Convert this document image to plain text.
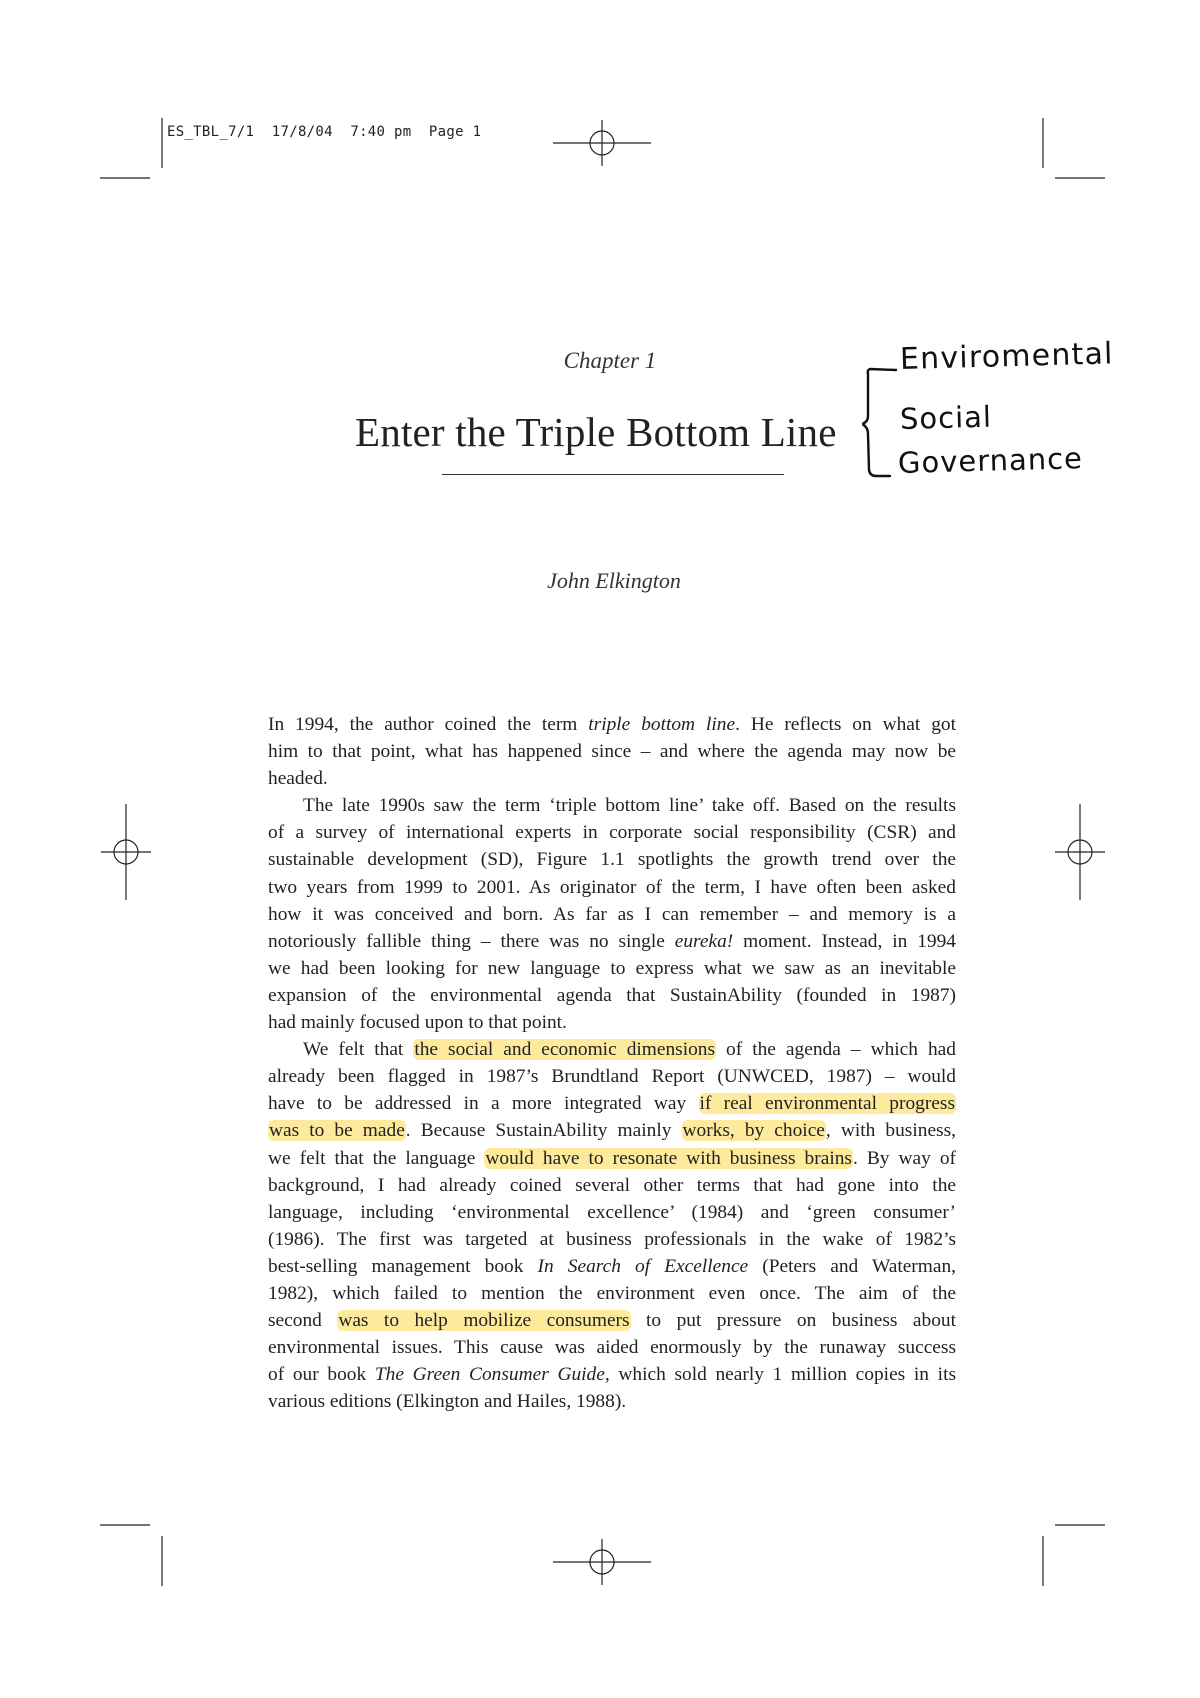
ES_TBL_7/1 17/8/04 7:40 pm Page 1
Chapter 1
Enter the Triple Bottom Line
John Elkington
Enviromental
Social
Governance
In 1994, the author coined the term triple bottom line. He reflects on what got
him to that point, what has happened since – and where the agenda may now be
headed.
The late 1990s saw the term ‘triple bottom line’ take off. Based on the results
of a survey of international experts in corporate social responsibility (CSR) and
sustainable development (SD), Figure 1.1 spotlights the growth trend over the
two years from 1999 to 2001. As originator of the term, I have often been asked
how it was conceived and born. As far as I can remember – and memory is a
notoriously fallible thing – there was no single eureka! moment. Instead, in 1994
we had been looking for new language to express what we saw as an inevitable
expansion of the environmental agenda that SustainAbility (founded in 1987)
had mainly focused upon to that point.
We felt that the social and economic dimensions of the agenda – which had
already been flagged in 1987’s Brundtland Report (UNWCED, 1987) – would
have to be addressed in a more integrated way if real environmental progress
was to be made. Because SustainAbility mainly works, by choice, with business,
we felt that the language would have to resonate with business brains. By way of
background, I had already coined several other terms that had gone into the
language, including ‘environmental excellence’ (1984) and ‘green consumer’
(1986). The first was targeted at business professionals in the wake of 1982’s
best-selling management book In Search of Excellence (Peters and Waterman,
1982), which failed to mention the environment even once. The aim of the
second was to help mobilize consumers to put pressure on business about
environmental issues. This cause was aided enormously by the runaway success
of our book The Green Consumer Guide, which sold nearly 1 million copies in its
various editions (Elkington and Hailes, 1988).
